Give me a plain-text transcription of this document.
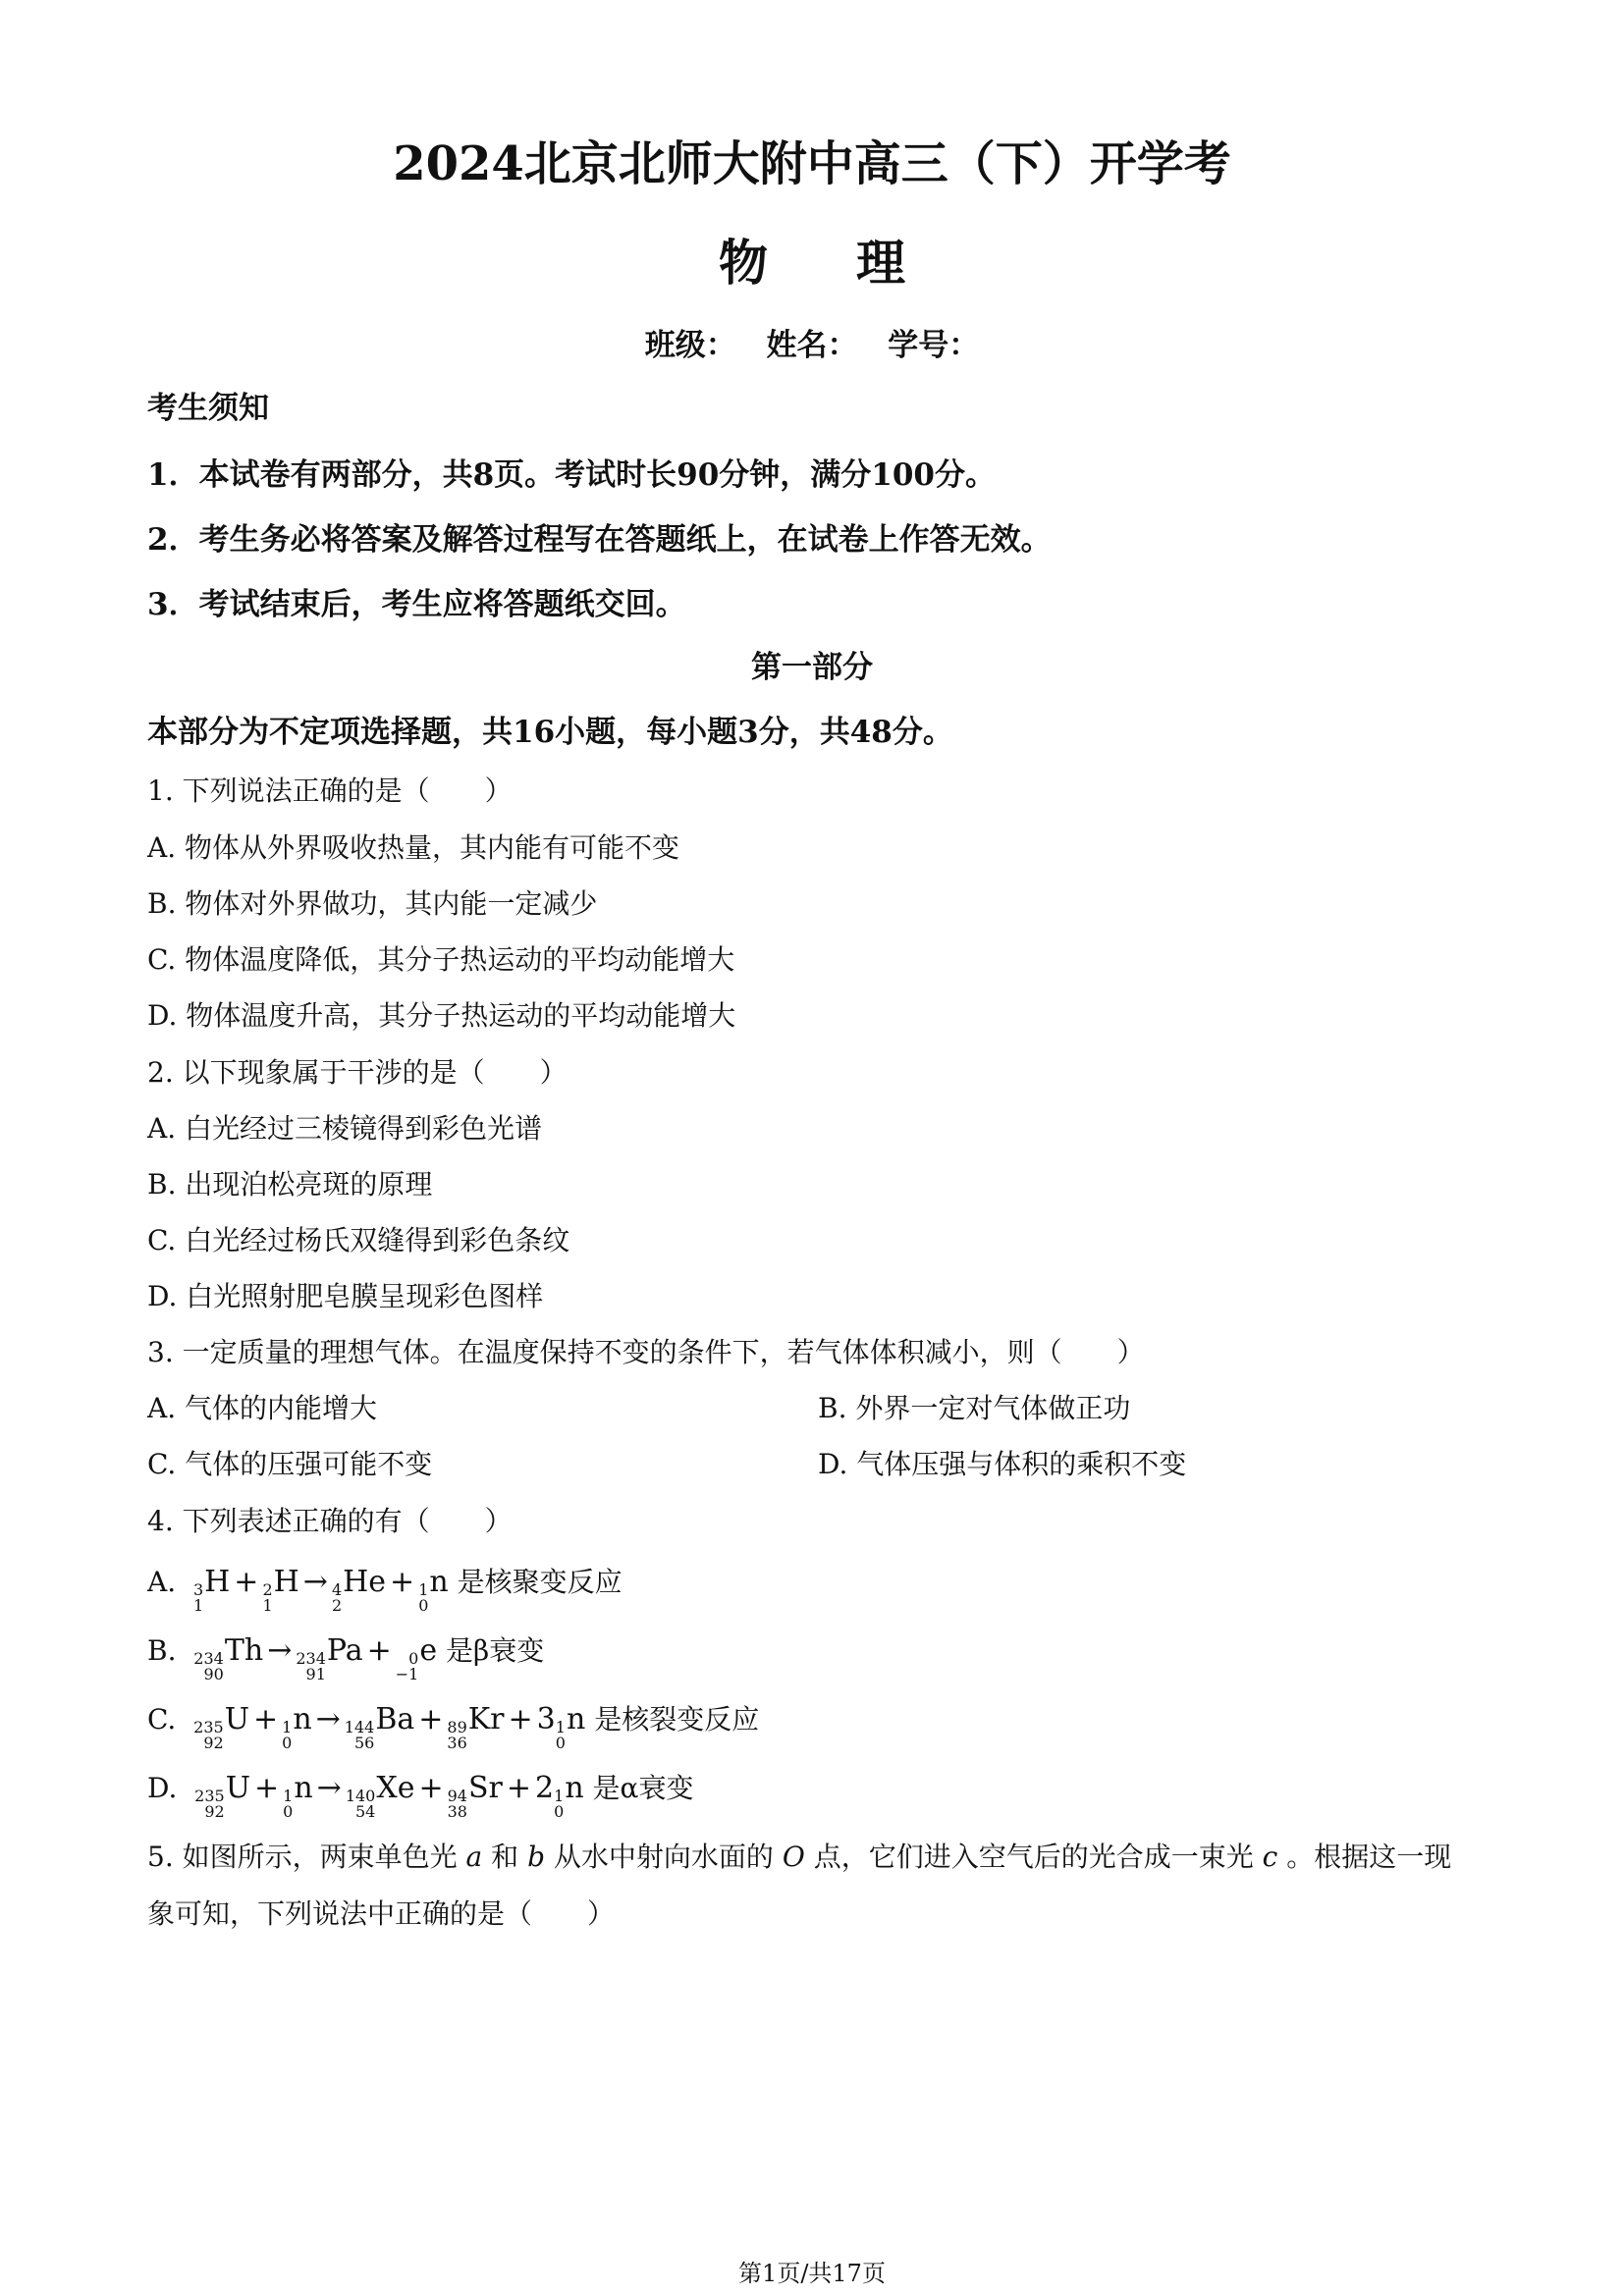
2024北京北师大附中高三（下）开学考
物理
班级： 姓名： 学号：
考生须知
1．本试卷有两部分，共8页。考试时长90分钟，满分100分。
2．考生务必将答案及解答过程写在答题纸上，在试卷上作答无效。
3．考试结束后，考生应将答题纸交回。
第一部分
本部分为不定项选择题，共16小题，每小题3分，共48分。
1. 下列说法正确的是（　　）
A. 物体从外界吸收热量，其内能有可能不变
B. 物体对外界做功，其内能一定减少
C. 物体温度降低，其分子热运动的平均动能增大
D. 物体温度升高，其分子热运动的平均动能增大
2. 以下现象属于干涉的是（　　）
A. 白光经过三棱镜得到彩色光谱
B. 出现泊松亮斑的原理
C. 白光经过杨氏双缝得到彩色条纹
D. 白光照射肥皂膜呈现彩色图样
3. 一定质量的理想气体。在温度保持不变的条件下，若气体体积减小，则（　　）
A. 气体的内能增大	B. 外界一定对气体做正功
C. 气体的压强可能不变	D. 气体压强与体积的乘积不变
4. 下列表述正确的有（　　）
A. 3
1
H + 2
1
H → 4
2
He + 1
0
n 是核聚变反应
B. 234
90
Th → 234
91
Pa + 0
−1
e 是β衰变
C. 235
92
U + 1
0
n → 144
56
Ba + 89
36
Kr + 3 1
0
n 是核裂变反应
D. 235
92
U + 1
0
n → 140
54
Xe + 94
38
Sr + 2 1
0
n 是α衰变
5. 如图所示，两束单色光 a 和 b 从水中射向水面的 O 点，它们进入空气后的光合成一束光 c 。根据这一现
象可知，下列说法中正确的是（　　）
第1页/共17页
